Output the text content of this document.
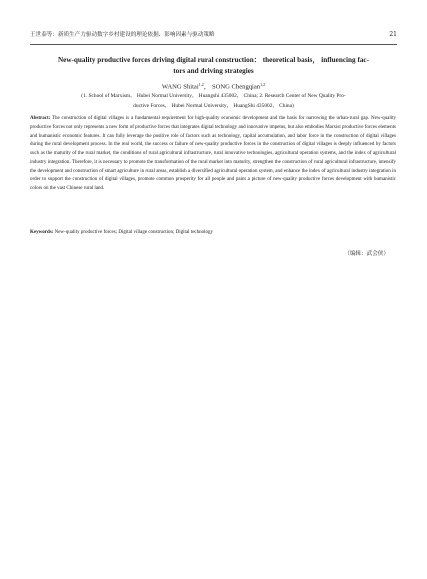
王世泰等：新质生产力驱动数字乡村建设的理论依据、影响因素与驱动策略	21
New-quality productive forces driving digital rural construction： theoretical basis， influencing fac-
tors and driving strategies
WANG Shitai$^{1,2}$， SONG Chengqian$^{1,2}$
(1. School of Marxism， Hubei Normal University， Huangshi 435002， China; 2. Research Center of New Quality Pro-
ductive Forces， Hubei Normal University， HuangShi 435002， China)
Abstract: The construction of digital villages is a fundamental requirement for high-quality economic development and the basis for narrowing the urban-rural gap. New-quality productive forces not only represents a new form of productive forces that integrates digital technology and innovative impetus, but also embodies Marxist productive forces elements and humanistic economic features. It can fully leverage the positive role of factors such as technology, capital accumulation, and labor force in the construction of digital villages during the rural development process. In the real world, the success or failure of new-quality productive forces in the construction of digital villages is deeply influenced by factors such as the maturity of the rural market, the conditions of rural agricultural infrastructure, rural innovative technologies, agricultural operation systems, and the index of agricultural industry integration. Therefore, it is necessary to promote the transformation of the rural market into maturity, strengthen the construction of rural agricultural infrastructure, intensify the development and construction of smart agriculture in rural areas, establish a diversified agricultural operation system, and enhance the index of agricultural industry integration in order to support the construction of digital villages, promote common prosperity for all people and paint a picture of new-quality productive forces development with humanistic colors on the vast Chinese rural land.
Keywords: New-quality productive forces; Digital village construction; Digital technology
（编辑：武会侠）
